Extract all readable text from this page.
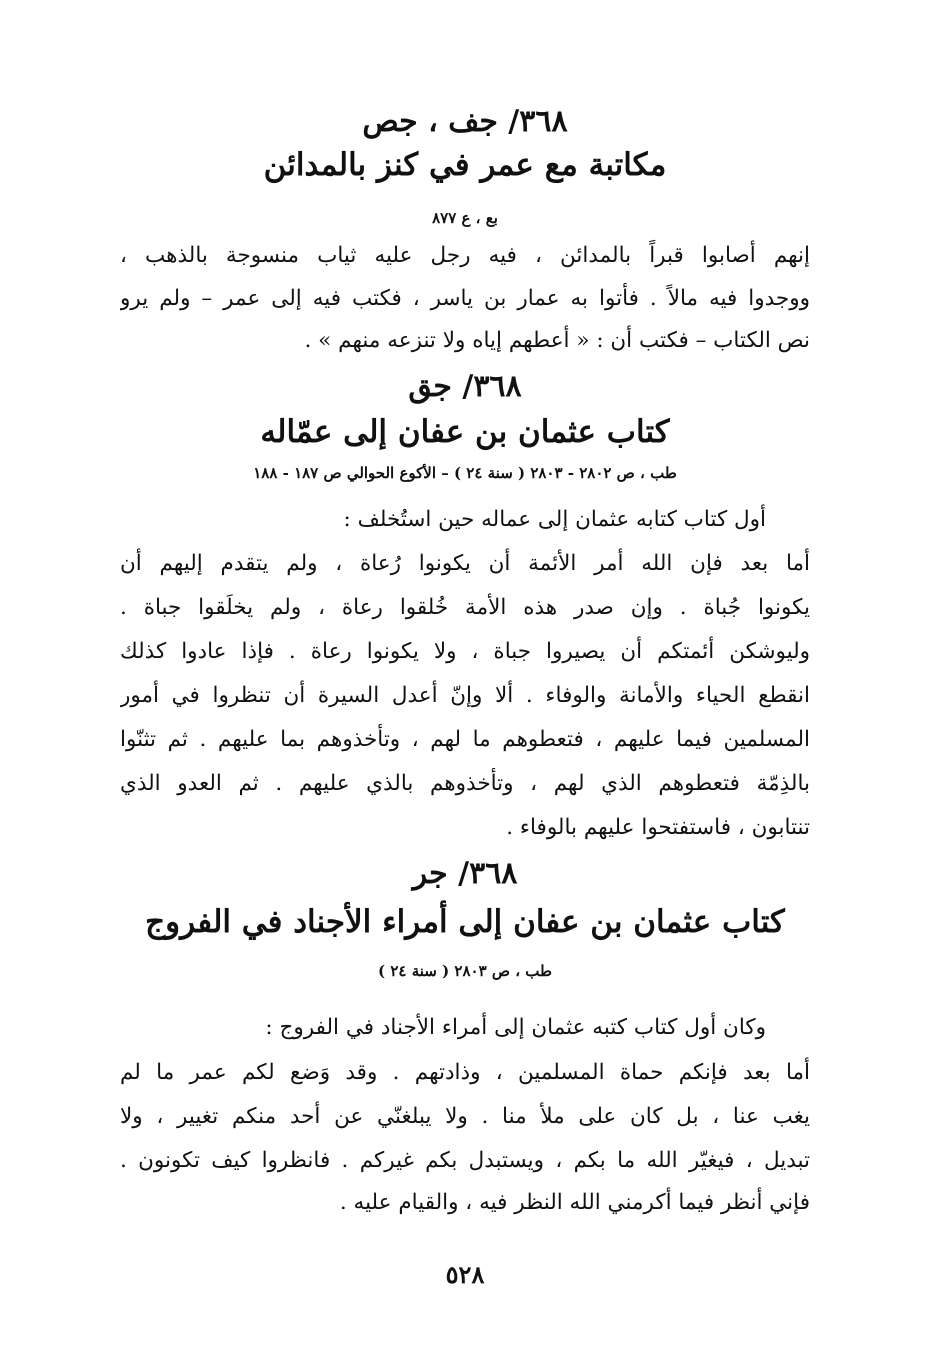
٣٦٨/ جف ، جص
مكاتبة مع عمر في كنز بالمدائن
بع ، ع ٨٧٧
إنهم أصابوا قبراً بالمدائن ، فيه رجل عليه ثياب منسوجة بالذهب ،
ووجدوا فيه مالاً . فأتوا به عمار بن ياسر ، فكتب فيه إلى عمر – ولم يرو
نص الكتاب – فكتب أن : « أعطهم إياه ولا تنزعه منهم » .
٣٦٨/ جق
كتاب عثمان بن عفان إلى عمّاله
طب ، ص ٢٨٠٢ - ٢٨٠٣ ( سنة ٢٤ ) – الأكوع الحوالي ص ١٨٧ - ١٨٨
أول كتاب كتابه عثمان إلى عماله حين استُخلف :
أما بعد فإن الله أمر الأئمة أن يكونوا رُعاة ، ولم يتقدم إليهم أن
يكونوا جُباة . وإن صدر هذه الأمة خُلقوا رعاة ، ولم يخلَقوا جباة .
وليوشكن أئمتكم أن يصيروا جباة ، ولا يكونوا رعاة . فإذا عادوا كذلك
انقطع الحياء والأمانة والوفاء . ألا وإنّ أعدل السيرة أن تنظروا في أمور
المسلمين فيما عليهم ، فتعطوهم ما لهم ، وتأخذوهم بما عليهم . ثم تثنّوا
بالذِمّة فتعطوهم الذي لهم ، وتأخذوهم بالذي عليهم . ثم العدو الذي
تنتابون ، فاستفتحوا عليهم بالوفاء .
٣٦٨/ جر
كتاب عثمان بن عفان إلى أمراء الأجناد في الفروج
طب ، ص ٢٨٠٣ ( سنة ٢٤ )
وكان أول كتاب كتبه عثمان إلى أمراء الأجناد في الفروج :
أما بعد فإنكم حماة المسلمين ، وذادتهم . وقد وَضع لكم عمر ما لم
يغب عنا ، بل كان على ملأ منا . ولا يبلغنّي عن أحد منكم تغيير ، ولا
تبديل ، فيغيّر الله ما بكم ، ويستبدل بكم غيركم . فانظروا كيف تكونون .
فإني أنظر فيما أكرمني الله النظر فيه ، والقيام عليه .
٥٢٨
